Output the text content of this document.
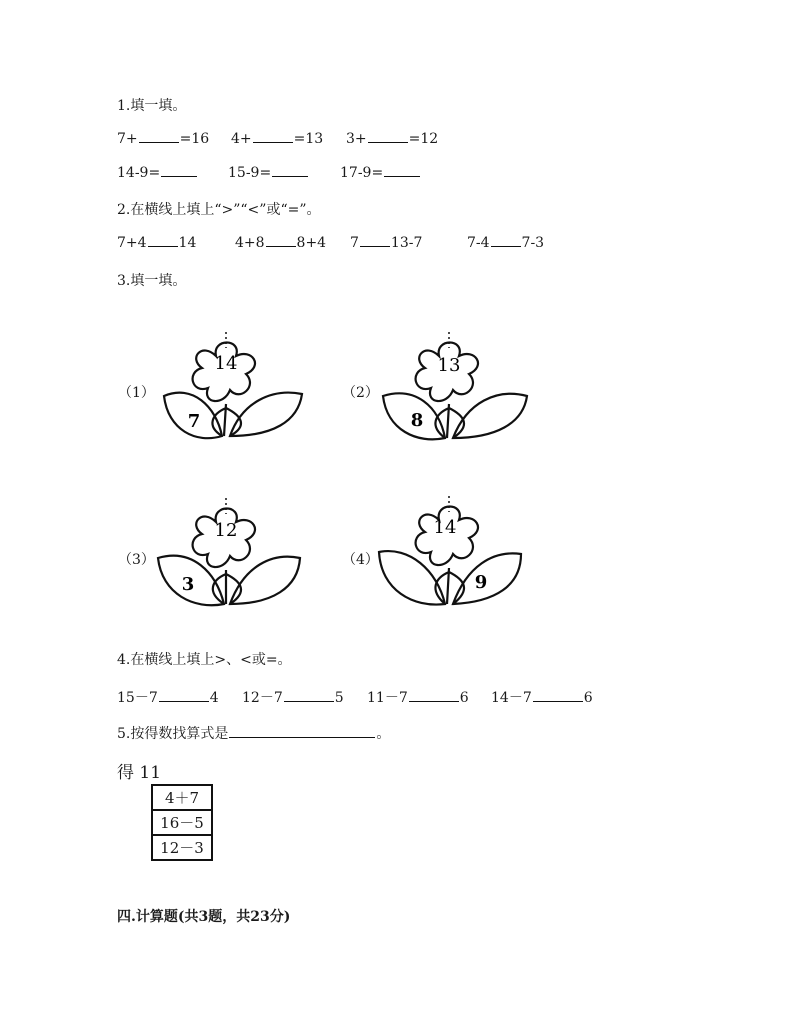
1.填一填。
7+	=16 4+	=13 3+	=12
14-9=	15-9=	17-9=
2.在横线上填上“>”“<”或“=”。
7+4 14	4+8 8+4 7 13-7	7-4 7-3
3.填一填。
（1）
14
7
（2）
13
8
（3）
12
3
（4）
14
9
4.在横线上填上>、<或=。
15－7	4 12－7	5 11－7	6 14－7	6
5.按得数找算式是	。
得 11
4＋7
16－5
12－3
四.计算题(共3题，共23分)
